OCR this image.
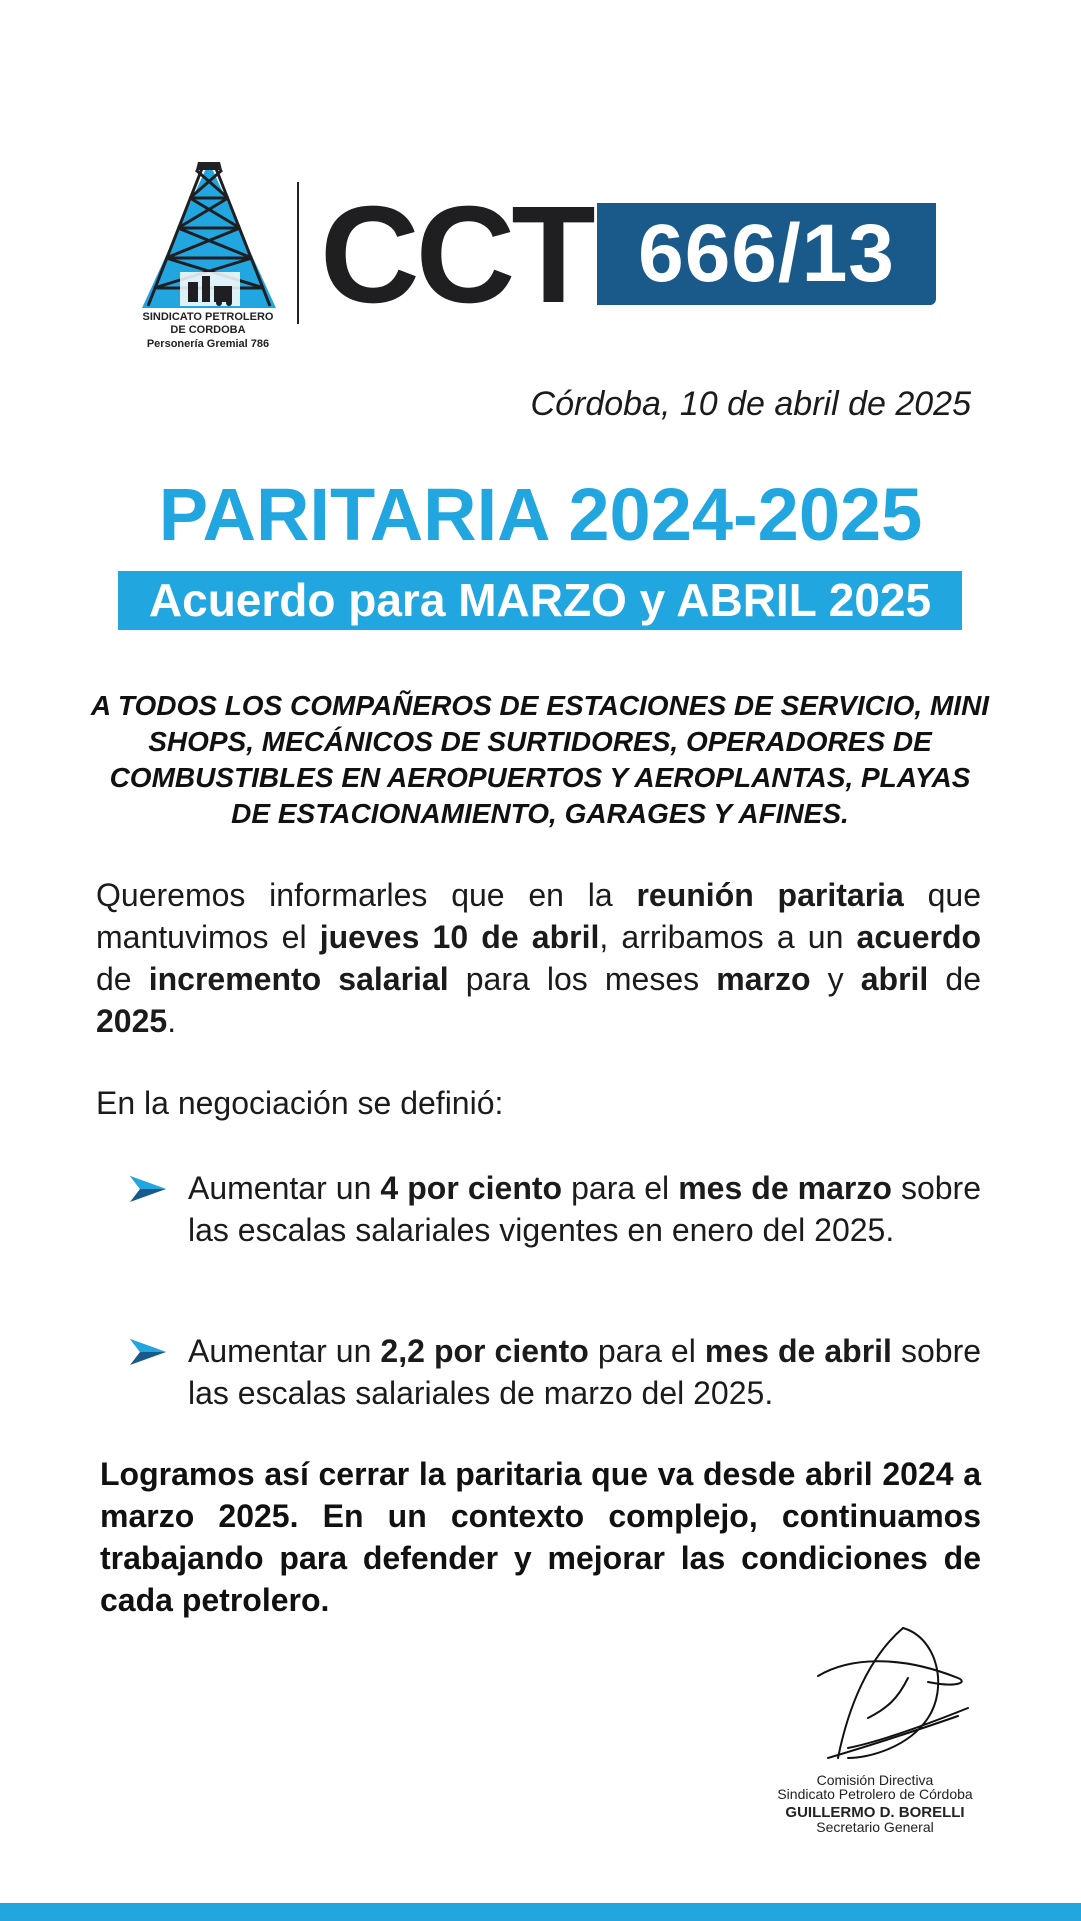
SINDICATO PETROLERO
DE CORDOBA
Personería Gremial 786
CCT 666/13
Córdoba, 10 de abril de 2025
PARITARIA 2024-2025
Acuerdo para MARZO y ABRIL 2025
A TODOS LOS COMPAÑEROS DE ESTACIONES DE SERVICIO, MINI SHOPS, MECÁNICOS DE SURTIDORES, OPERADORES DE COMBUSTIBLES EN AEROPUERTOS Y AEROPLANTAS, PLAYAS DE ESTACIONAMIENTO, GARAGES Y AFINES.
Queremos informarles que en la reunión paritaria que mantuvimos el jueves 10 de abril, arribamos a un acuerdo de incremento salarial para los meses marzo y abril de 2025.
En la negociación se definió:
Aumentar un 4 por ciento para el mes de marzo sobre las escalas salariales vigentes en enero del 2025.
Aumentar un 2,2 por ciento para el mes de abril sobre las escalas salariales de marzo del 2025.
Logramos así cerrar la paritaria que va desde abril 2024 a marzo 2025. En un contexto complejo, continuamos trabajando para defender y mejorar las condiciones de cada petrolero.
Comisión Directiva
Sindicato Petrolero de Córdoba
GUILLERMO D. BORELLI
Secretario General
